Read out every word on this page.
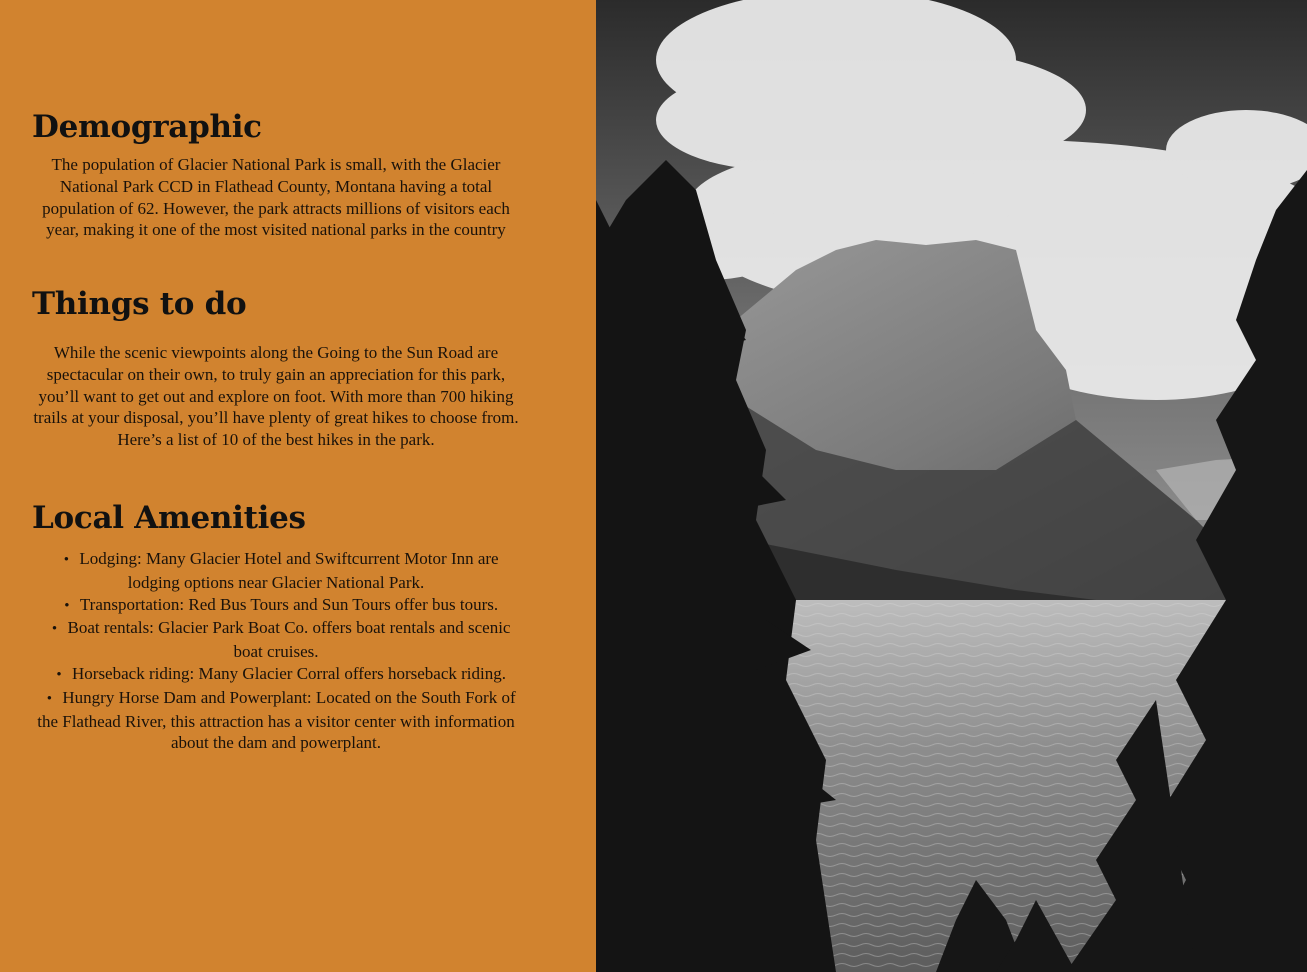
Demographic

The population of Glacier National Park is small, with the Glacier National Park CCD in Flathead County, Montana having a total population of 62. However, the park attracts millions of visitors each year, making it one of the most visited national parks in the country

Things to do

While the scenic viewpoints along the Going to the Sun Road are spectacular on their own, to truly gain an appreciation for this park, you’ll want to get out and explore on foot. With more than 700 hiking trails at your disposal, you’ll have plenty of great hikes to choose from. Here’s a list of 10 of the best hikes in the park.

Local Amenities
• Lodging: Many Glacier Hotel and Swiftcurrent Motor Inn are lodging options near Glacier National Park.
• Transportation: Red Bus Tours and Sun Tours offer bus tours.
• Boat rentals: Glacier Park Boat Co. offers boat rentals and scenic boat cruises.
• Horseback riding: Many Glacier Corral offers horseback riding.
• Hungry Horse Dam and Powerplant: Located on the South Fork of the Flathead River, this attraction has a visitor center with information about the dam and powerplant.
